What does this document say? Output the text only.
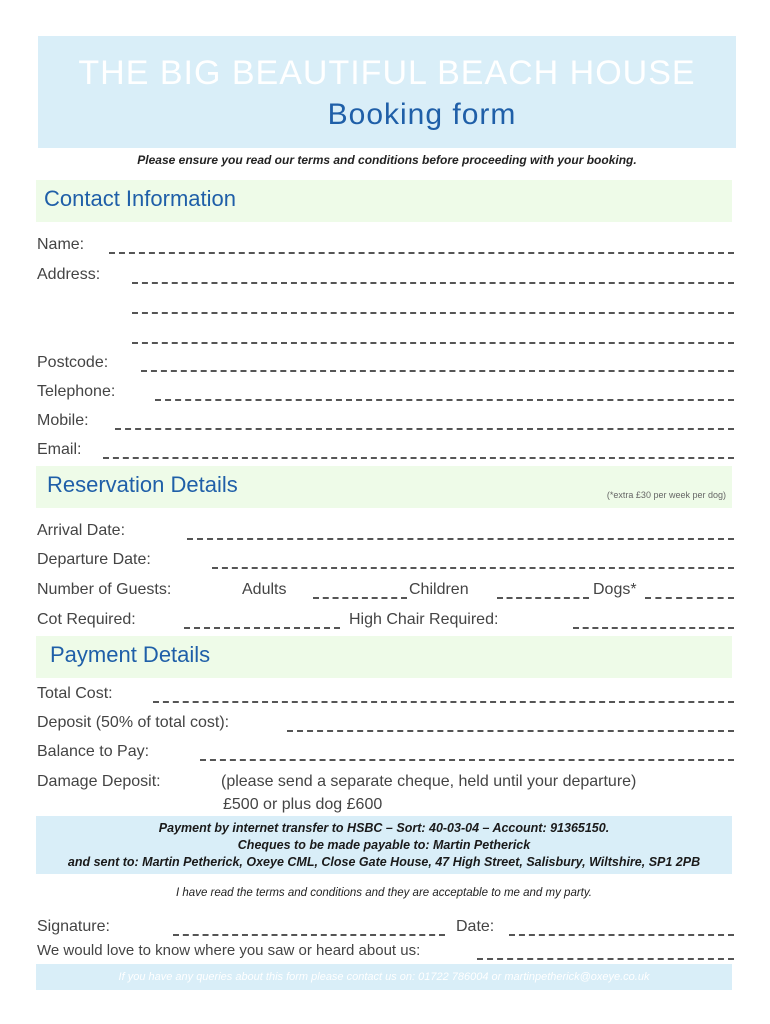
THE BIG BEAUTIFUL BEACH HOUSE
Booking form
Please ensure you read our terms and conditions before proceeding with your booking.
Contact Information
Name:
Address:
Postcode:
Telephone:
Mobile:
Email:
Reservation Details	(*extra £30 per week per dog)
Arrival Date:
Departure Date:
Number of Guests:	Adults	Children	Dogs*
Cot Required:	High Chair Required:
Payment Details
Total Cost:
Deposit (50% of total cost):
Balance to Pay:
Damage Deposit:	(please send a separate cheque, held until your departure)
£500 or plus dog £600
Payment by internet transfer to HSBC – Sort: 40-03-04 – Account: 91365150.
Cheques to be made payable to: Martin Petherick
and sent to: Martin Petherick, Oxeye CML, Close Gate House, 47 High Street, Salisbury, Wiltshire, SP1 2PB
I have read the terms and conditions and they are acceptable to me and my party.
Signature:	Date:
We would love to know where you saw or heard about us:
If you have any queries about this form please contact us on: 01722 786004 or martinpetherick@oxeye.co.uk
